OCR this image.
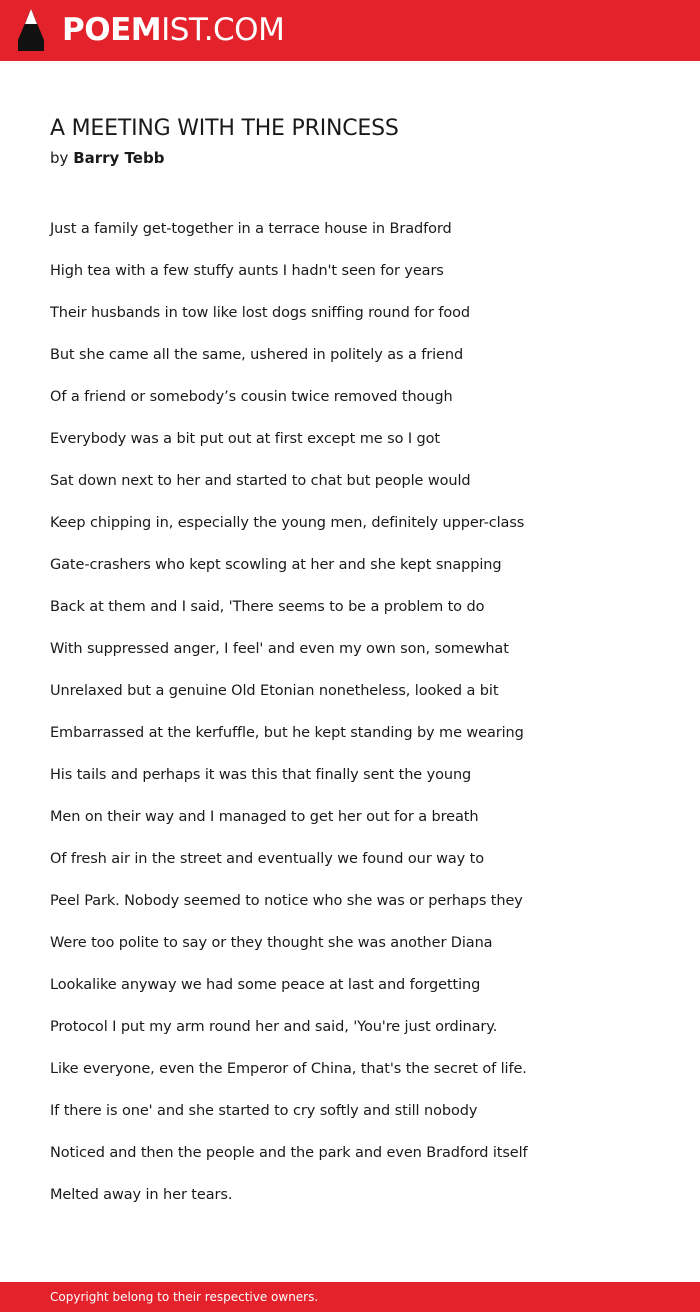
POEMIST.COM
A MEETING WITH THE PRINCESS
by Barry Tebb
Just a family get-together in a terrace house in Bradford
High tea with a few stuffy aunts I hadn't seen for years
Their husbands in tow like lost dogs sniffing round for food
But she came all the same, ushered in politely as a friend
Of a friend or somebody’s cousin twice removed though
Everybody was a bit put out at first except me so I got
Sat down next to her and started to chat but people would
Keep chipping in, especially the young men, definitely upper-class
Gate-crashers who kept scowling at her and she kept snapping
Back at them and I said, 'There seems to be a problem to do
With suppressed anger, I feel' and even my own son, somewhat
Unrelaxed but a genuine Old Etonian nonetheless, looked a bit
Embarrassed at the kerfuffle, but he kept standing by me wearing
His tails and perhaps it was this that finally sent the young
Men on their way and I managed to get her out for a breath
Of fresh air in the street and eventually we found our way to
Peel Park. Nobody seemed to notice who she was or perhaps they
Were too polite to say or they thought she was another Diana
Lookalike anyway we had some peace at last and forgetting
Protocol I put my arm round her and said, 'You're just ordinary.
Like everyone, even the Emperor of China, that's the secret of life.
If there is one' and she started to cry softly and still nobody
Noticed and then the people and the park and even Bradford itself
Melted away in her tears.
Copyright belong to their respective owners.
